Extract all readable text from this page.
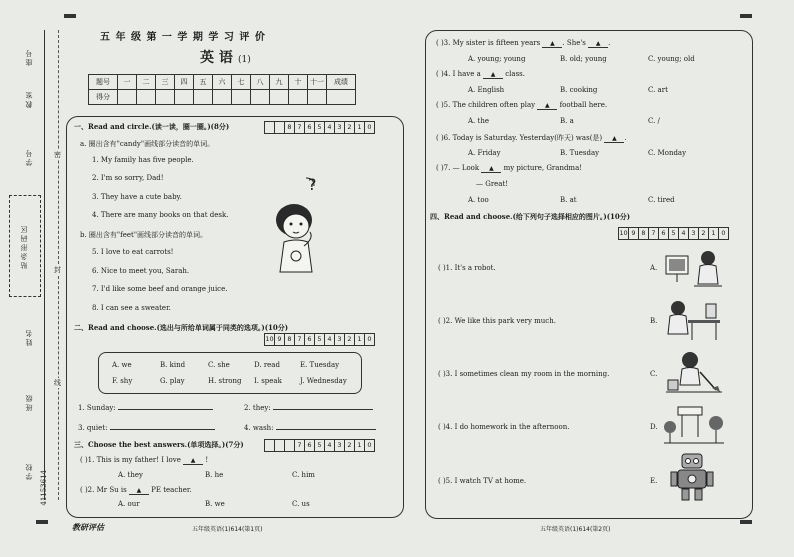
座号
教室
学号
贴条形码区
姓名
班级
学校 41153614
密
封
线
五 年 级 第 一 学 期 学 习 评 价
英 语 (1)
题号	一	二	三	四	五	六	七	八	九	十	十一	成绩
得分												
一、Read and circle.(读一读，圈一圈。)(8分)	8 7 6 5 4 3 2 1 0
a. 圈出含有"candy"画线部分读音的单词。
1. My family has five people.
2. I'm so sorry, Dad!
3. They have a cute baby.
4. There are many books on that desk.
b. 圈出含有"feet"画线部分读音的单词。
5. I love to eat carrots!
6. Nice to meet you, Sarah.
7. I'd like some beef and orange juice.
8. I can see a sweater.
?
二、Read and choose.(选出与所给单词属于同类的选项。)(10分)
10 9 8 7 6 5 4 3 2 1 0
A. we	B. kind	C. she	D. read	E. Tuesday
F. shy	G. play	H. strong I. speak	J. Wednesday
1. Sunday:	2. they:
3. quiet:	4. wash:
三、Choose the best answers.(单项选择。)(7分)	7 6 5 4 3 2 1 0
( )1. This is my father! I love ▲ !
A. they	B. he	C. him
( )2. Mr Su is ▲ PE teacher.
A. our	B. we	C. us
( )3. My sister is fifteen years ▲ . She's ▲ .
A. young; young	B. old; young	C. young; old
( )4. I have a ▲ class.
A. English	B. cooking	C. art
( )5. The children often play ▲ football here.
A. the	B. a	C. /
( )6. Today is Saturday. Yesterday(昨天) was(是) ▲ .
A. Friday	B. Tuesday	C. Monday
( )7. — Look ▲ my picture, Grandma!
— Great!
A. too	B. at	C. tired
四、Read and choose.(给下列句子选择相应的图片。)(10分)
10 9 8 7 6 5 4 3 2 1 0
( )1. It's a robot.
( )2. We like this park very much.
( )3. I sometimes clean my room in the morning.
( )4. I do homework in the afternoon.
( )5. I watch TV at home.
A.
B.
C.
D.
E.
教研评估	五年级英语(1)614(第1页)	五年级英语(1)614(第2页)
